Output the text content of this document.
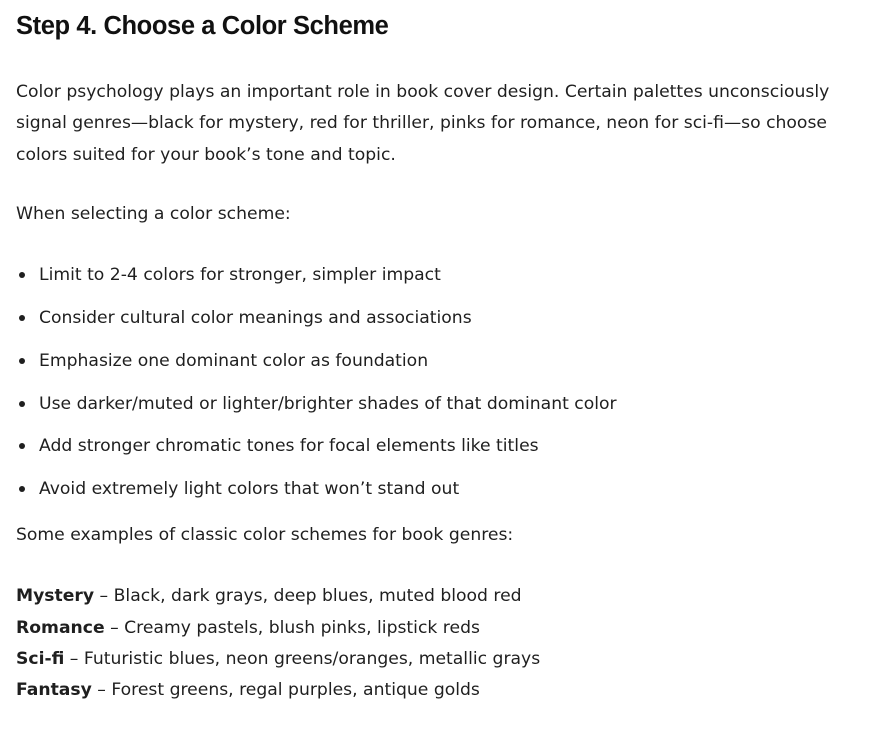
Step 4. Choose a Color Scheme

Color psychology plays an important role in book cover design. Certain palettes unconsciously signal genres—black for mystery, red for thriller, pinks for romance, neon for sci-fi—so choose colors suited for your book’s tone and topic.

When selecting a color scheme:

Limit to 2-4 colors for stronger, simpler impact
Consider cultural color meanings and associations
Emphasize one dominant color as foundation
Use darker/muted or lighter/brighter shades of that dominant color
Add stronger chromatic tones for focal elements like titles
Avoid extremely light colors that won’t stand out

Some examples of classic color schemes for book genres:

Mystery – Black, dark grays, deep blues, muted blood red
Romance – Creamy pastels, blush pinks, lipstick reds
Sci-fi – Futuristic blues, neon greens/oranges, metallic grays
Fantasy – Forest greens, regal purples, antique golds
